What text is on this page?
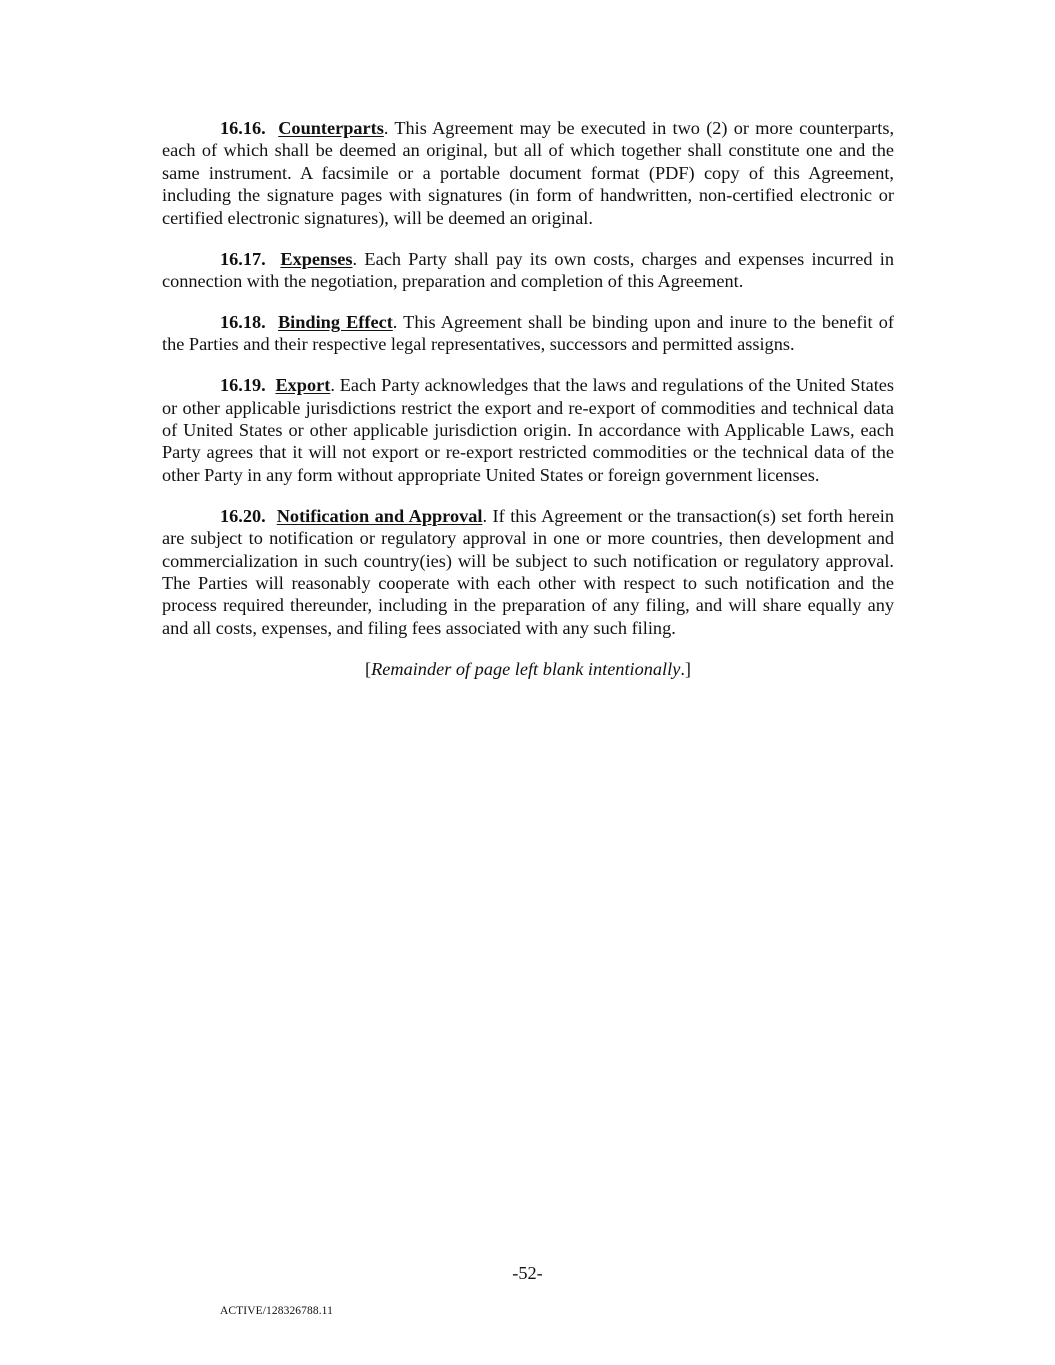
16.16. Counterparts. This Agreement may be executed in two (2) or more counterparts, each of which shall be deemed an original, but all of which together shall constitute one and the same instrument. A facsimile or a portable document format (PDF) copy of this Agreement, including the signature pages with signatures (in form of handwritten, non-certified electronic or certified electronic signatures), will be deemed an original.

16.17. Expenses. Each Party shall pay its own costs, charges and expenses incurred in connection with the negotiation, preparation and completion of this Agreement.

16.18. Binding Effect. This Agreement shall be binding upon and inure to the benefit of the Parties and their respective legal representatives, successors and permitted assigns.

16.19. Export. Each Party acknowledges that the laws and regulations of the United States or other applicable jurisdictions restrict the export and re-export of commodities and technical data of United States or other applicable jurisdiction origin. In accordance with Applicable Laws, each Party agrees that it will not export or re-export restricted commodities or the technical data of the other Party in any form without appropriate United States or foreign government licenses.

16.20. Notification and Approval. If this Agreement or the transaction(s) set forth herein are subject to notification or regulatory approval in one or more countries, then development and commercialization in such country(ies) will be subject to such notification or regulatory approval. The Parties will reasonably cooperate with each other with respect to such notification and the process required thereunder, including in the preparation of any filing, and will share equally any and all costs, expenses, and filing fees associated with any such filing.

[Remainder of page left blank intentionally.]

-52-
ACTIVE/128326788.11
